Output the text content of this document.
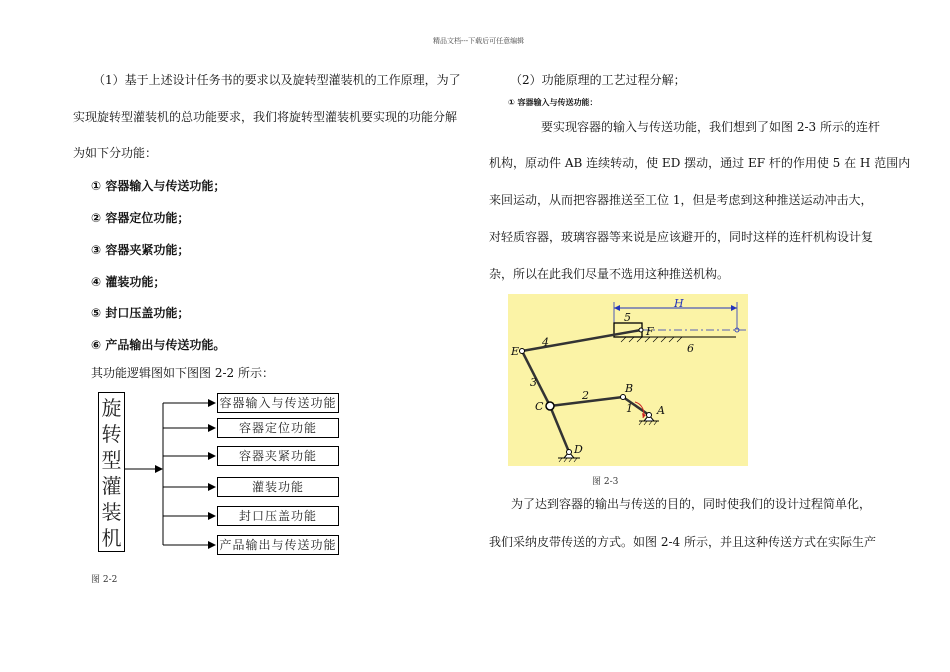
精品文档---下载后可任意编辑
（1）基于上述设计任务书的要求以及旋转型灌装机的工作原理，为了
实现旋转型灌装机的总功能要求，我们将旋转型灌装机要实现的功能分解
为如下分功能：
① 容器输入与传送功能；
② 容器定位功能；
③ 容器夹紧功能；
④ 灌装功能；
⑤ 封口压盖功能；
⑥ 产品输出与传送功能。
其功能逻辑图如下图图 2-2 所示：
旋
转
型
灌
装
机
容器输入与传送功能
容器定位功能
容器夹紧功能
灌装功能
封口压盖功能
产品输出与传送功能
图 2-2
（2）功能原理的工艺过程分解；
① 容器输入与传送功能：
要实现容器的输入与传送功能，我们想到了如图 2-3 所示的连杆
机构，原动件 AB 连续转动，使 ED 摆动，通过 EF 杆的作用使 5 在 H 范围内
来回运动，从而把容器推送至工位 1，但是考虑到这种推送运动冲击大，
对轻质容器，玻璃容器等来说是应该避开的，同时这样的连杆机构设计复
杂，所以在此我们尽量不选用这种推送机构。
H
F
E
C
D
B
A
1
2
3
4
5
6
图 2-3
为了达到容器的输出与传送的目的，同时使我们的设计过程简单化，
我们采纳皮带传送的方式。如图 2-4 所示，并且这种传送方式在实际生产
